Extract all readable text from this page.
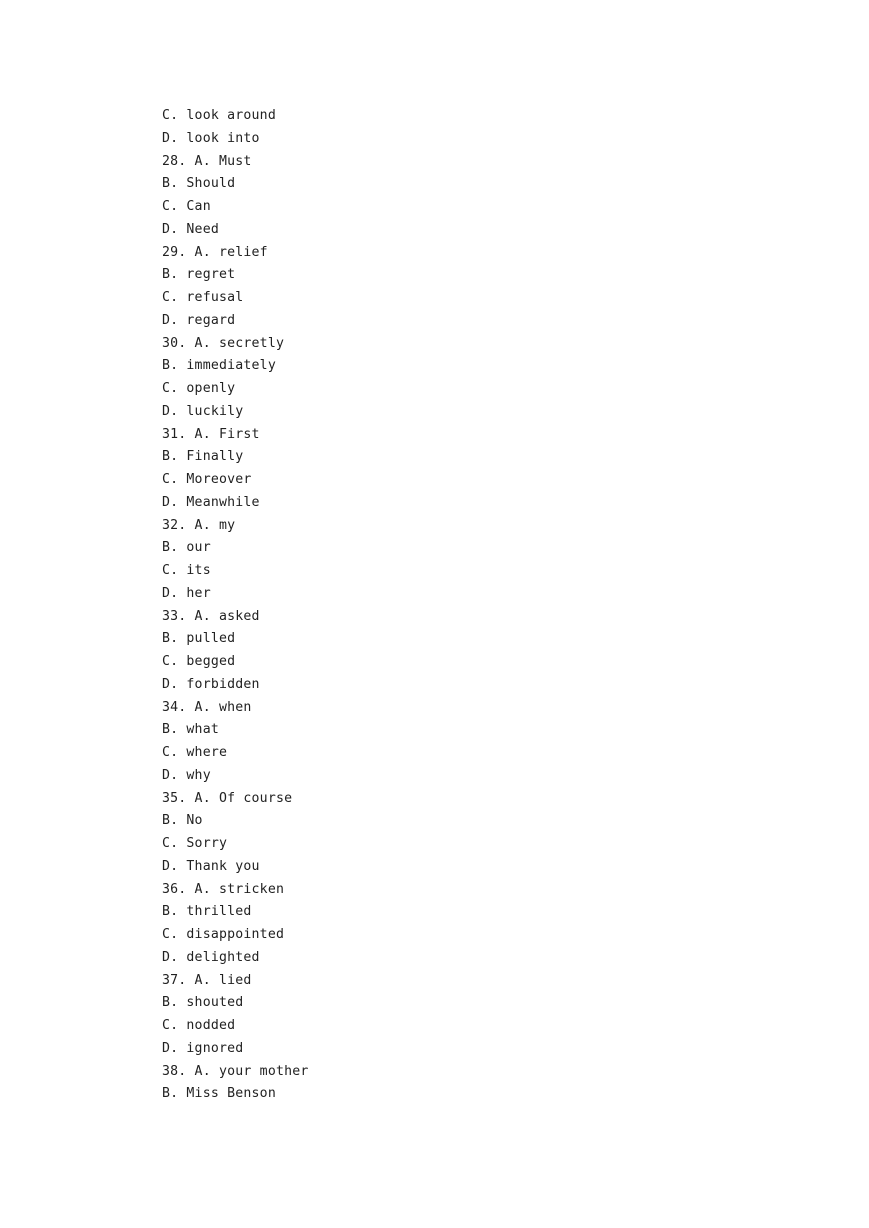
C. look around
D. look into
28. A. Must
B. Should
C. Can
D. Need
29. A. relief
B. regret
C. refusal
D. regard
30. A. secretly
B. immediately
C. openly
D. luckily
31. A. First
B. Finally
C. Moreover
D. Meanwhile
32. A. my
B. our
C. its
D. her
33. A. asked
B. pulled
C. begged
D. forbidden
34. A. when
B. what
C. where
D. why
35. A. Of course
B. No
C. Sorry
D. Thank you
36. A. stricken
B. thrilled
C. disappointed
D. delighted
37. A. lied
B. shouted
C. nodded
D. ignored
38. A. your mother
B. Miss Benson
